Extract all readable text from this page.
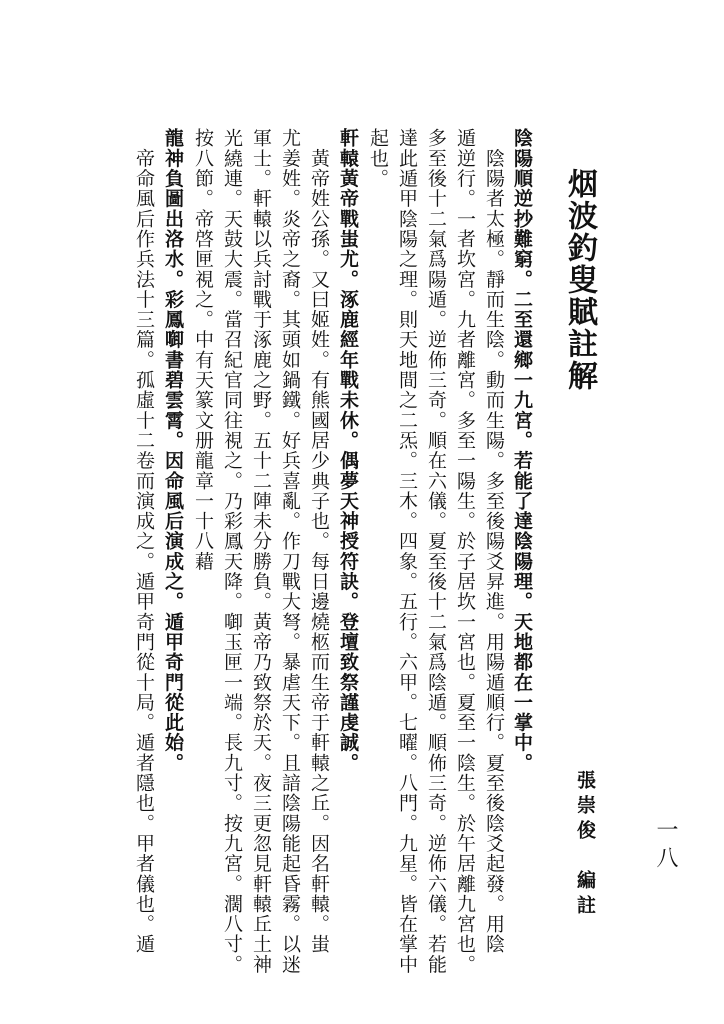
烟波釣叟賦註解
一八
張崇俊　編註
陰陽順逆抄難窮。二至還鄉一九宮。若能了達陰陽理。天地都在一掌中。
　陰陽者太極。靜而生陰。動而生陽。多至後陽爻昇進。用陽遁順行。夏至後陰爻起發。用陰
遁逆行。一者坎宮。九者離宮。多至一陽生。於子居坎一宮也。夏至一陰生。於午居離九宮也。
多至後十二氣爲陽遁。逆佈三奇。順在六儀。夏至後十二氣爲陰遁。順佈三奇。逆佈六儀。若能
達此遁甲陰陽之理。則天地間之二炁。三木。四象。五行。六甲。七曜。八門。九星。皆在掌中
起也。
軒轅黃帝戰蚩尤。涿鹿經年戰未休。偶夢天神授符訣。登壇致祭謹虔誠。
　黃帝姓公孫。又曰姬姓。有熊國居少典子也。每日邊燒柩而生帝于軒轅之丘。因名軒轅。蚩
尤姜姓。炎帝之裔。其頭如鍋鐵。好兵喜亂。作刀戰大弩。暴虐天下。且諳陰陽能起昏霧。以迷
軍士。軒轅以兵討戰于涿鹿之野。五十二陣未分勝負。黃帝乃致祭於天。夜三更忽見軒轅丘土神
光繞連。天鼓大震。當召紀官同往視之。乃彩鳳天降。啣玉匣一端。長九寸。按九宮。濶八寸。
按八節。帝啓匣視之。中有天篆文册龍章一十八藉
龍神負圖出洛水。彩鳳啣書碧雲霄。因命風后演成之。遁甲奇門從此始。
　帝命風后作兵法十三篇。孤虛十二卷而演成之。遁甲奇門從十局。遁者隱也。甲者儀也。遁
